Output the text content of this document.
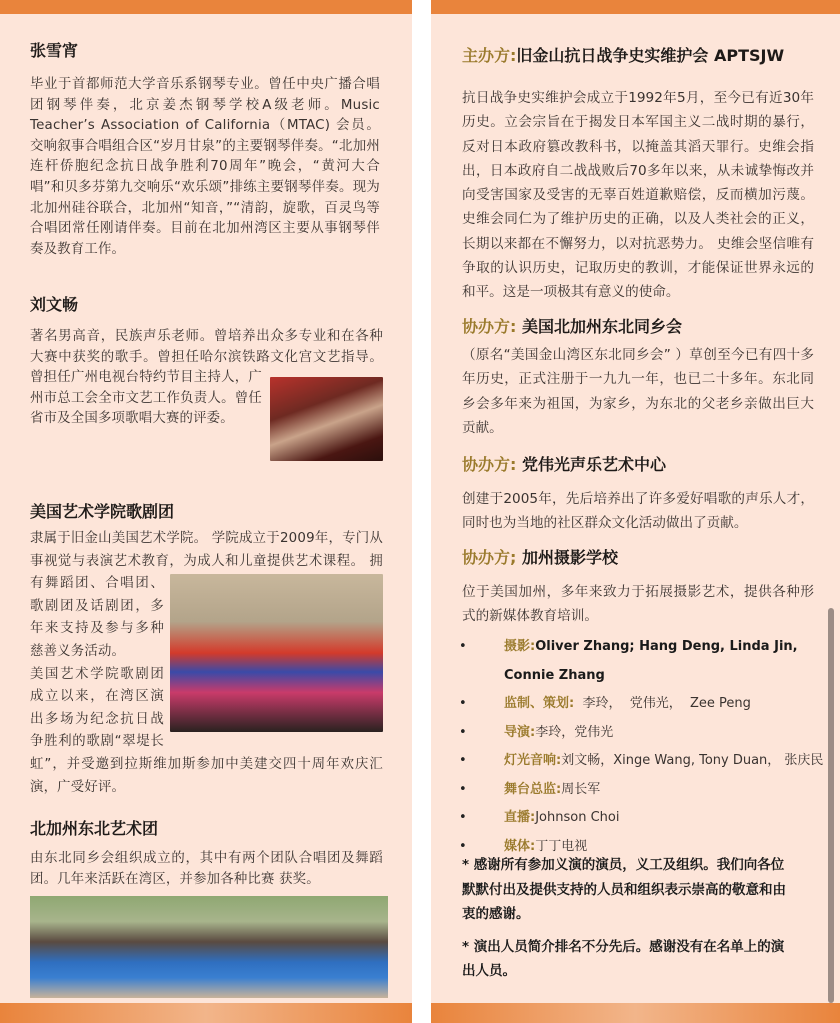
张雪宵

毕业于首都师范大学音乐系钢琴专业。曾任中央广播合唱团钢琴伴奏，北京姜杰钢琴学校A级老师。Music Teacher’s Association of California（MTAC) 会员。交响叙事合唱组合区“岁月甘泉”的主要钢琴伴奏。“北加州连杆侨胞纪念抗日战争胜利70周年”晚会，“黄河大合唱”和贝多芬第九交响乐“欢乐颂”排练主要钢琴伴奏。现为北加州硅谷联合，北加州“知音，”“清韵，旋歌，百灵鸟等合唱团常任刚请伴奏。目前在北加州湾区主要从事钢琴伴奏及教育工作。

刘文畅

著名男高音，民族声乐老师。曾培养出众多专业和在各种大赛中获奖的歌手。曾担任哈尔滨铁路文化宫文艺指导。曾担任广州电视台特约节目主持人，广州市总工会全市文艺工作负责人。曾任省市及全国多项歌唱大赛的评委。

美国艺术学院歌剧团

隶属于旧金山美国艺术学院。 学院成立于2009年，专门从事视觉与表演艺术教育，为成人和儿童提供艺术课程。 拥有舞蹈团、合唱团、歌剧团及话剧团，多年来支持及参与多种慈善义务活动。

美国艺术学院歌剧团成立以来，在湾区演出多场为纪念抗日战争胜利的歌剧“翠堤长虹”，并受邀到拉斯维加斯参加中美建交四十周年欢庆汇演，广受好评。

北加州东北艺术团

由东北同乡会组织成立的，其中有两个团队合唱团及舞蹈团。几年来活跃在湾区，并参加各种比赛 获奖。

主办方:旧金山抗日战争史实维护会 APTSJW

抗日战争史实维护会成立于1992年5月，至今已有近30年历史。立会宗旨在于揭发日本军国主义二战时期的暴行，反对日本政府篡改教科书，以掩盖其滔天罪行。史维会指出，日本政府自二战战败后70多年以来，从未诚挚悔改并向受害国家及受害的无辜百姓道歉赔偿，反而横加污蔑。史维会同仁为了维护历史的正确，以及人类社会的正义，长期以来都在不懈努力，以对抗恶势力。 史维会坚信唯有争取的认识历史，记取历史的教训，才能保证世界永远的和平。这是一项极其有意义的使命。

协办方: 美国北加州东北同乡会

（原名“美国金山湾区东北同乡会” ）草创至今已有四十多年历史，正式注册于一九九一年，也已二十多年。东北同乡会多年来为祖国，为家乡，为东北的父老乡亲做出巨大贡献。

协办方: 党伟光声乐艺术中心

创建于2005年，先后培养出了许多爱好唱歌的声乐人才，同时也为当地的社区群众文化活动做出了贡献。

协办方; 加州摄影学校

位于美国加州，多年来致力于拓展摄影艺术，提供各种形式的新媒体教育培训。

• 摄影:Oliver Zhang; Hang Deng, Linda Jin, Connie Zhang
• 监制、策划:  李玲，  党伟光，  Zee Peng
• 导演:李玲，党伟光
• 灯光音响:刘文畅，Xinge Wang, Tony Duan， 张庆民
• 舞台总监:周长军
• 直播:Johnson Choi
• 媒体:丁丁电视
* 感谢所有参加义演的演员，义工及组织。我们向各位默默付出及提供支持的人员和组织表示崇高的敬意和由衷的感谢。
* 演出人员简介排名不分先后。感谢没有在名单上的演出人员。
